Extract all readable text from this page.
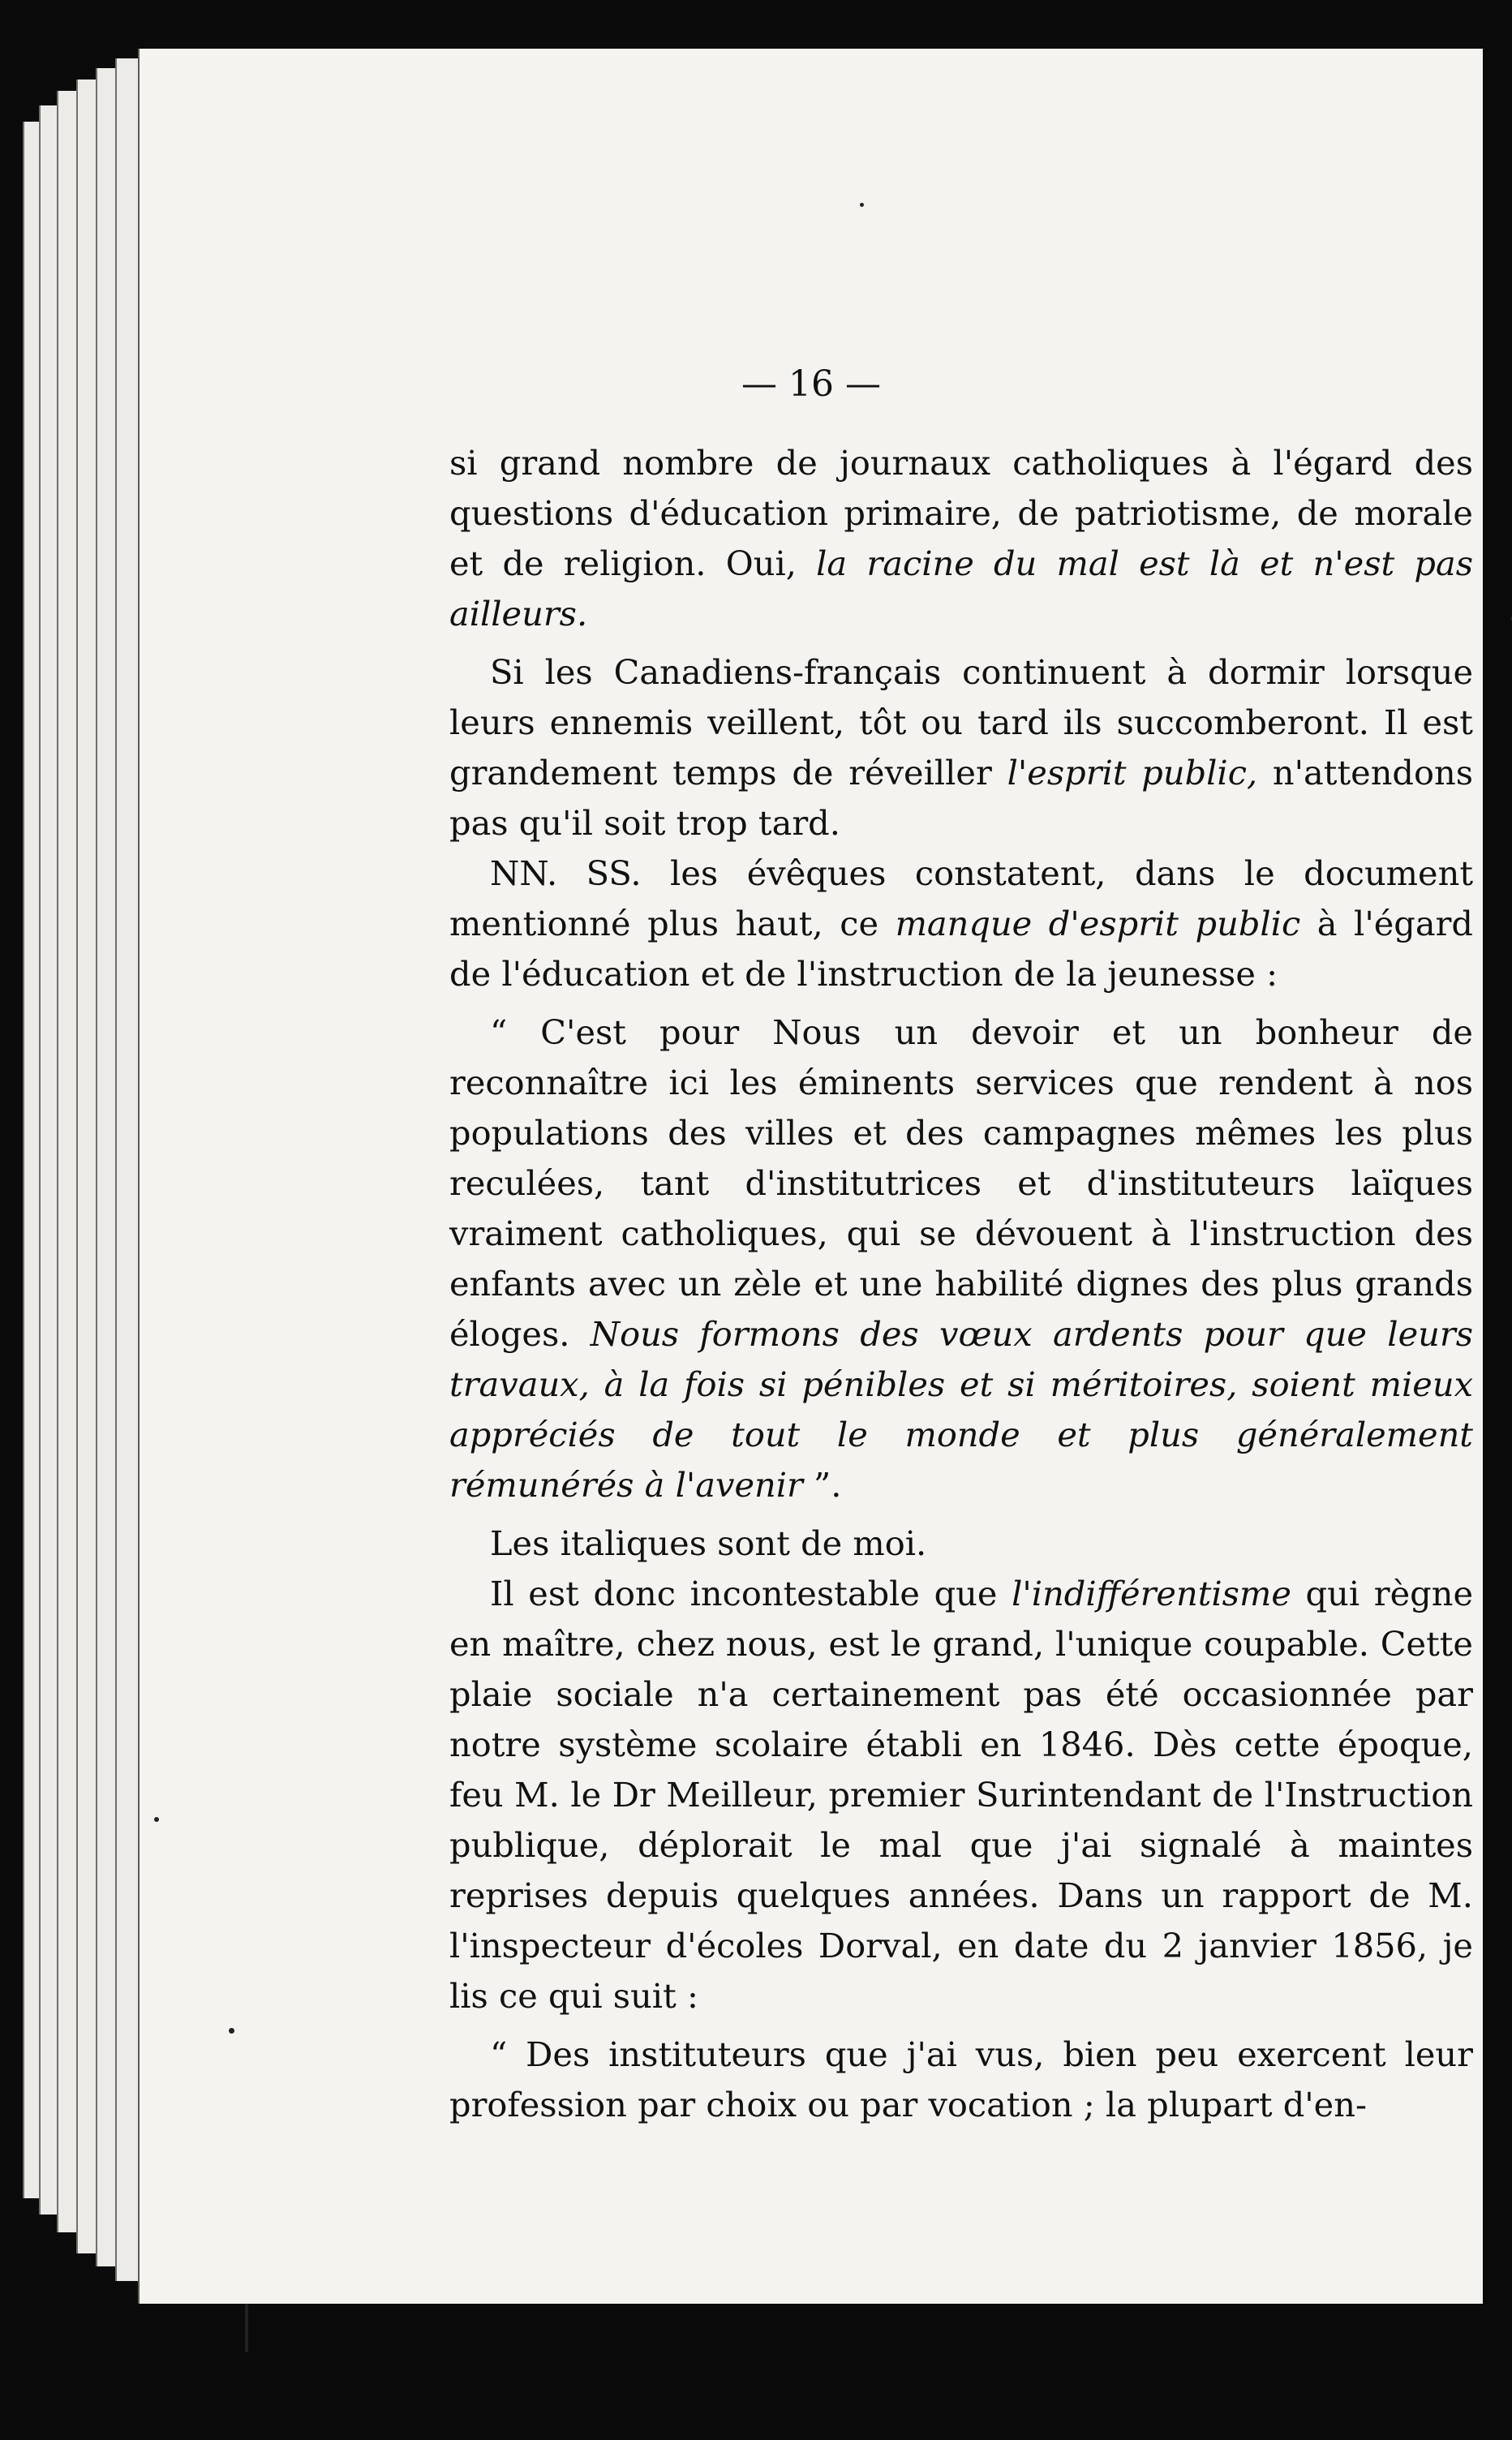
— 16 —

si grand nombre de journaux catholiques à l'égard des questions d'éducation primaire, de patriotisme, de morale et de religion. Oui, la racine du mal est là et n'est pas ailleurs.

Si les Canadiens-français continuent à dormir lorsque leurs ennemis veillent, tôt ou tard ils succomberont. Il est grandement temps de réveiller l'esprit public, n'attendons pas qu'il soit trop tard.

NN. SS. les évêques constatent, dans le document mentionné plus haut, ce manque d'esprit public à l'égard de l'éducation et de l'instruction de la jeunesse :

“ C'est pour Nous un devoir et un bonheur de reconnaître ici les éminents services que rendent à nos populations des villes et des campagnes mêmes les plus reculées, tant d'institutrices et d'instituteurs laïques vraiment catholiques, qui se dévouent à l'instruction des enfants avec un zèle et une habilité dignes des plus grands éloges. Nous formons des vœux ardents pour que leurs travaux, à la fois si pénibles et si méritoires, soient mieux appréciés de tout le monde et plus généralement rémunérés à l'avenir ”.

Les italiques sont de moi.

Il est donc incontestable que l'indifférentisme qui règne en maître, chez nous, est le grand, l'unique coupable. Cette plaie sociale n'a certainement pas été occasionnée par notre système scolaire établi en 1846. Dès cette époque, feu M. le Dr Meilleur, premier Surintendant de l'Instruction publique, déplorait le mal que j'ai signalé à maintes reprises depuis quelques années. Dans un rapport de M. l'inspecteur d'écoles Dorval, en date du 2 janvier 1856, je lis ce qui suit :

“ Des instituteurs que j'ai vus, bien peu exercent leur profession par choix ou par vocation ; la plupart d'en-
